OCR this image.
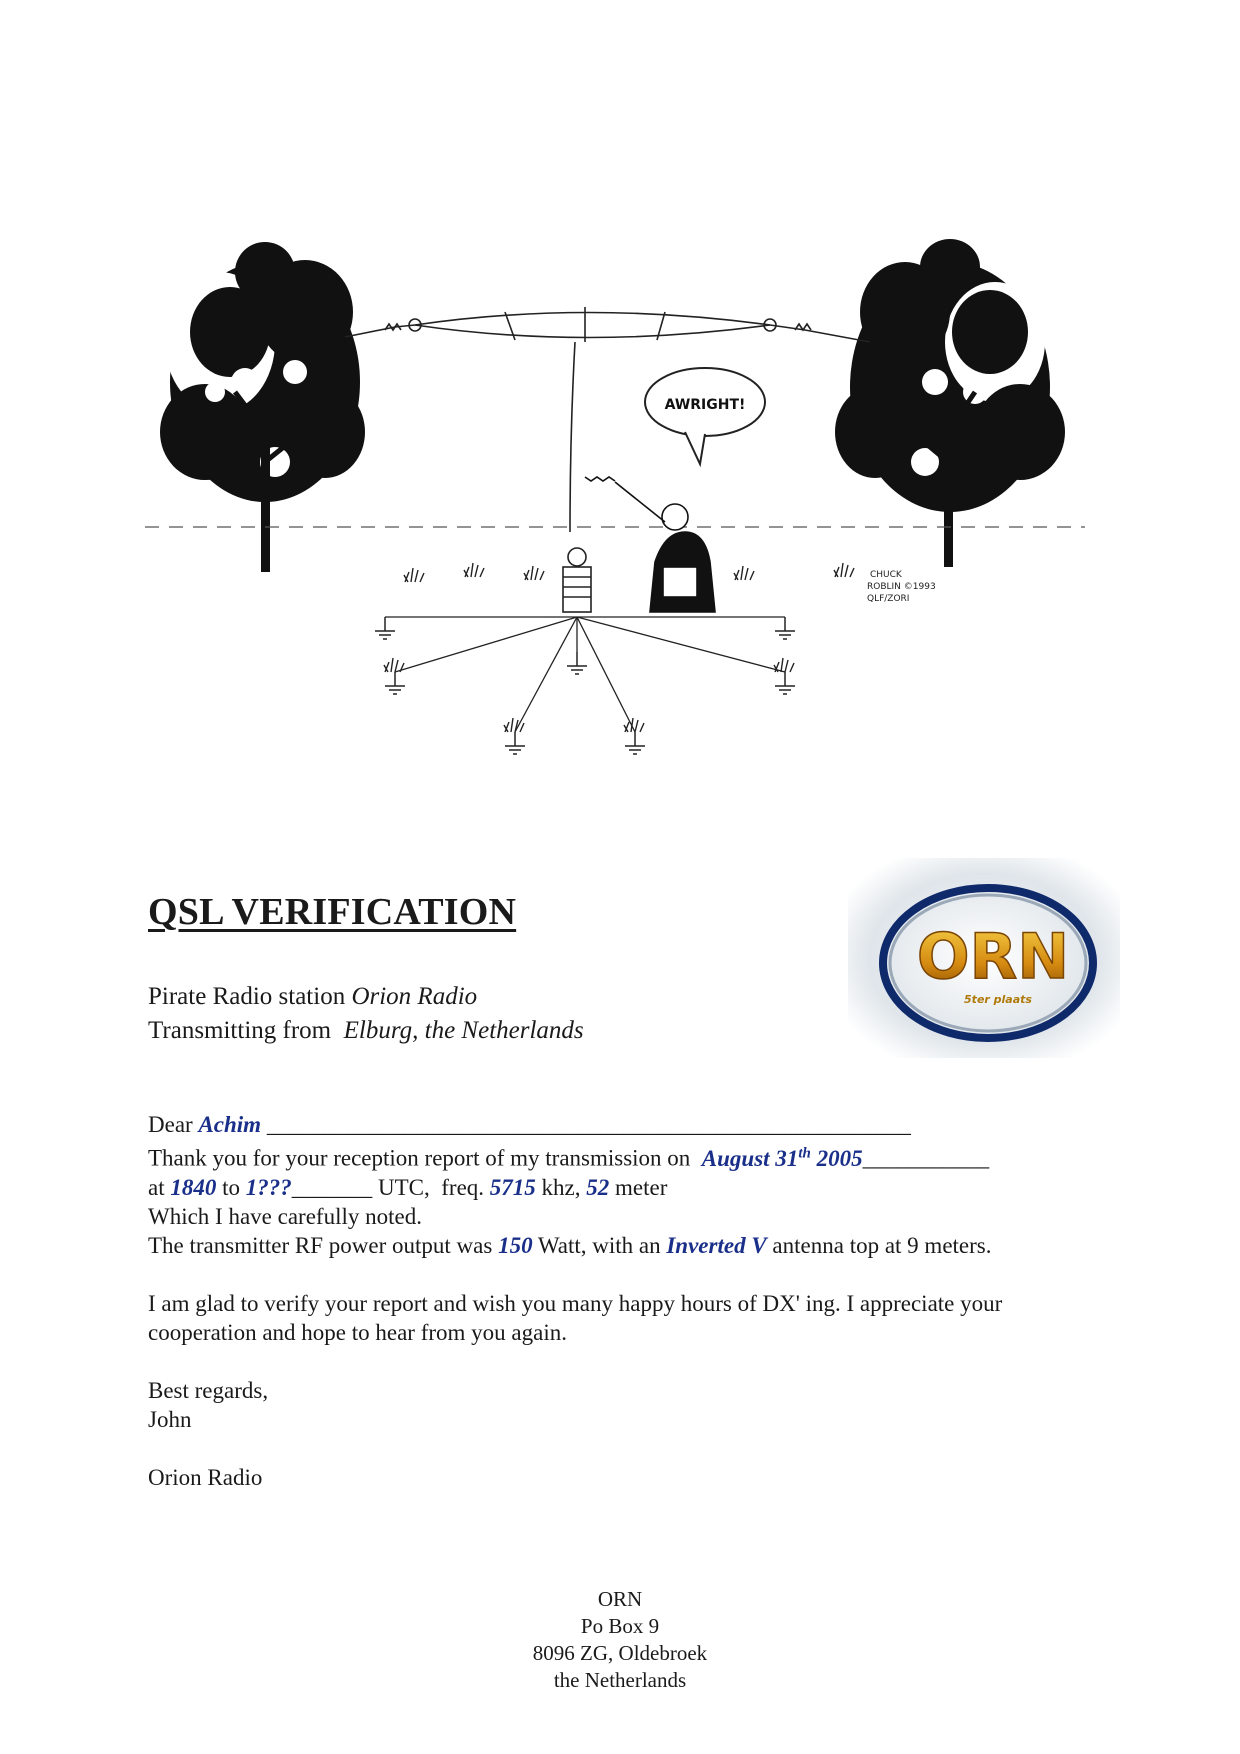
AWRIGHT!
CHUCK
ROBLIN ©1993
QLF/ZORI
ORN
5ter plaats
QSL VERIFICATION
Pirate Radio station Orion Radio
Transmitting from  Elburg, the Netherlands

Dear Achim ________________________________________________________

Thank you for your reception report of my transmission on  August 31th 2005___________

at 1840 to 1???_______ UTC,  freq. 5715 khz, 52 meter

Which I have carefully noted.

The transmitter RF power output was 150 Watt, with an Inverted V antenna top at 9 meters.

I am glad to verify your report and wish you many happy hours of DX' ing. I appreciate your cooperation and hope to hear from you again.

Best regards,

John

Orion Radio

ORN
Po Box 9
8096 ZG, Oldebroek
the Netherlands
